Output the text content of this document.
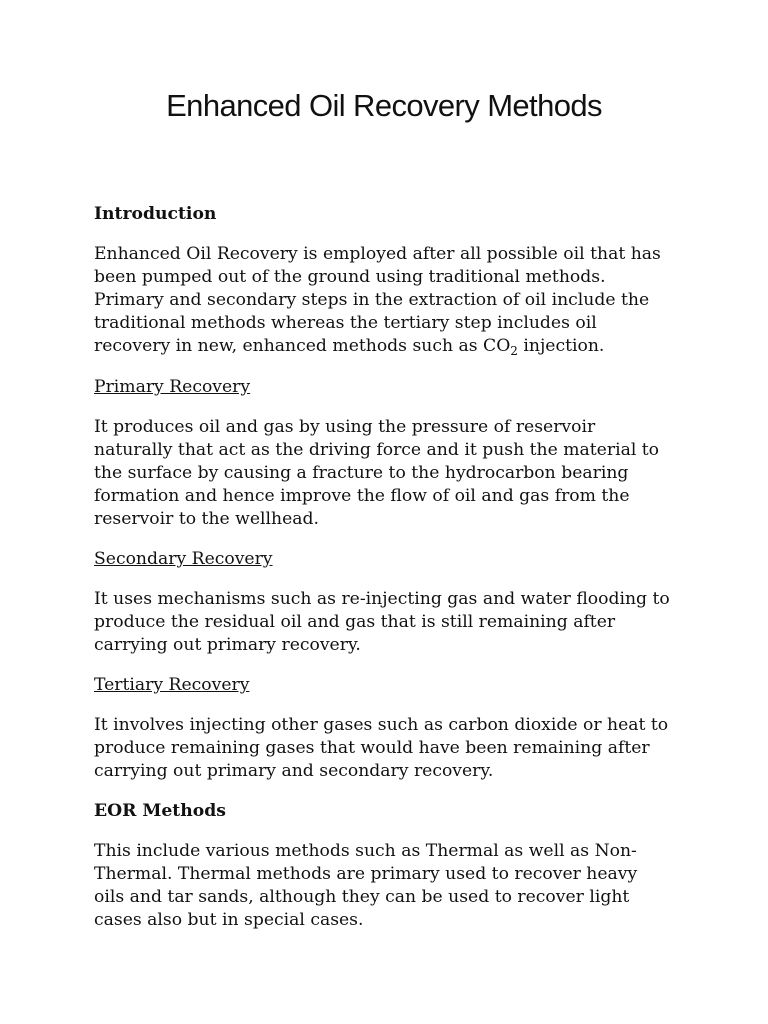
Enhanced Oil Recovery Methods
Introduction
Enhanced Oil Recovery is employed after all possible oil that has
been pumped out of the ground using traditional methods.
Primary and secondary steps in the extraction of oil include the
traditional methods whereas the tertiary step includes oil
recovery in new, enhanced methods such as $CO_2$ injection.
Primary Recovery
It produces oil and gas by using the pressure of reservoir
naturally that act as the driving force and it push the material to
the surface by causing a fracture to the hydrocarbon bearing
formation and hence improve the flow of oil and gas from the
reservoir to the wellhead.
Secondary Recovery
It uses mechanisms such as re-injecting gas and water flooding to
produce the residual oil and gas that is still remaining after
carrying out primary recovery.
Tertiary Recovery
It involves injecting other gases such as carbon dioxide or heat to
produce remaining gases that would have been remaining after
carrying out primary and secondary recovery.
EOR Methods
This include various methods such as Thermal as well as Non-
Thermal. Thermal methods are primary used to recover heavy
oils and tar sands, although they can be used to recover light
cases also but in special cases.
